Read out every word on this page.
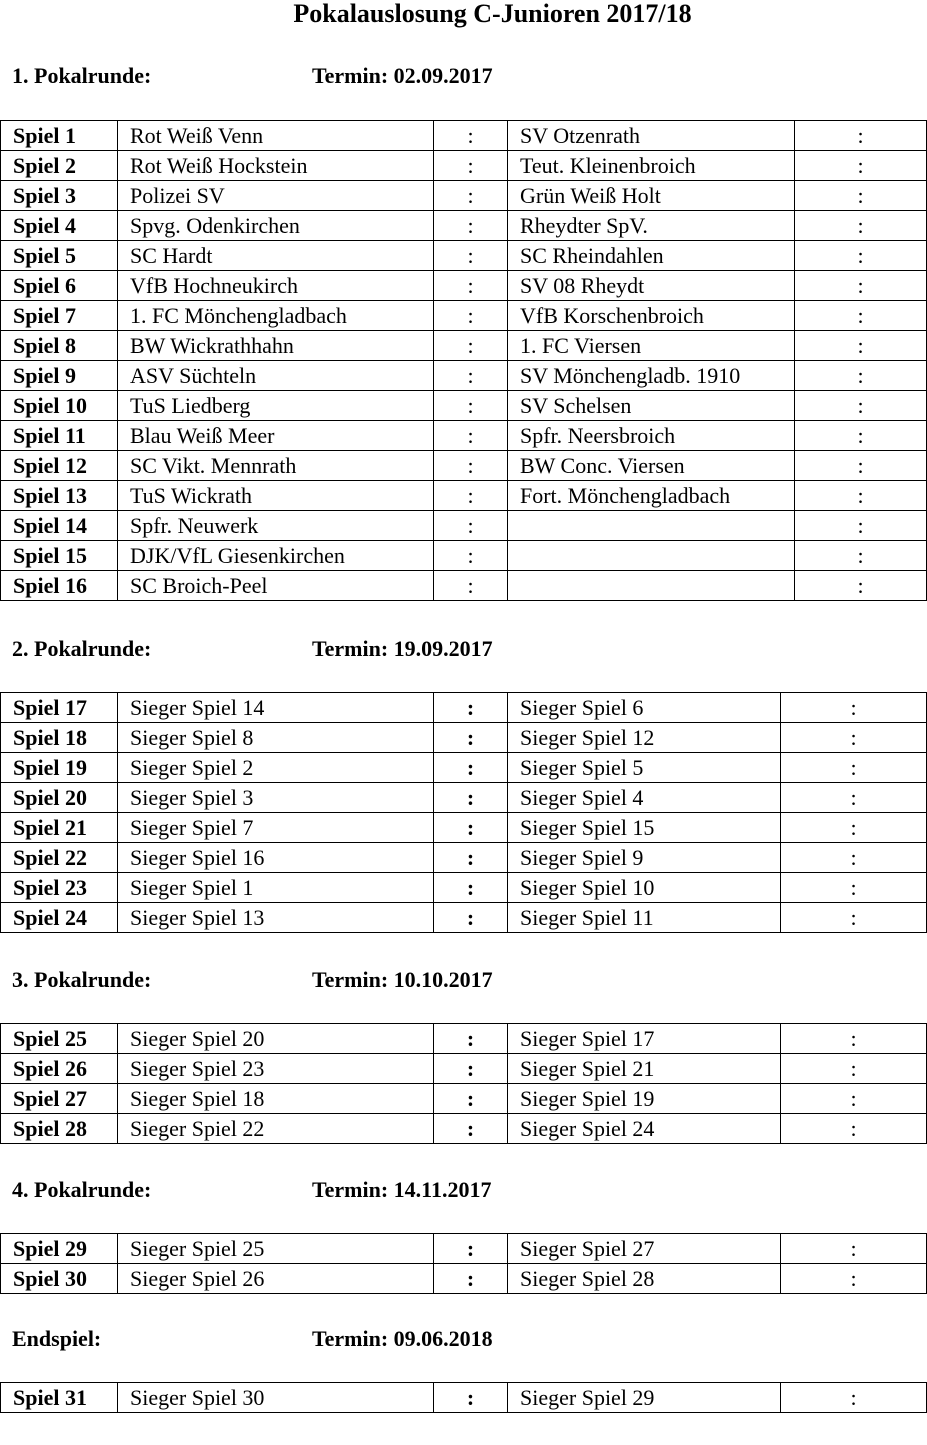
Pokalauslosung C-Junioren 2017/18
1. Pokalrunde:	Termin: 02.09.2017
Spiel 1	Rot Weiß Venn	:	SV Otzenrath	:
Spiel 2	Rot Weiß Hockstein	:	Teut. Kleinenbroich	:
Spiel 3	Polizei SV	:	Grün Weiß Holt	:
Spiel 4	Spvg. Odenkirchen	:	Rheydter SpV.	:
Spiel 5	SC Hardt	:	SC Rheindahlen	:
Spiel 6	VfB Hochneukirch	:	SV 08 Rheydt	:
Spiel 7	1. FC Mönchengladbach	:	VfB Korschenbroich	:
Spiel 8	BW Wickrathhahn	:	1. FC Viersen	:
Spiel 9	ASV Süchteln	:	SV Mönchengladb. 1910	:
Spiel 10	TuS Liedberg	:	SV Schelsen	:
Spiel 11	Blau Weiß Meer	:	Spfr. Neersbroich	:
Spiel 12	SC Vikt. Mennrath	:	BW Conc. Viersen	:
Spiel 13	TuS Wickrath	:	Fort. Mönchengladbach	:
Spiel 14	Spfr. Neuwerk	:		:
Spiel 15	DJK/VfL Giesenkirchen	:		:
Spiel 16	SC Broich-Peel	:		:
2. Pokalrunde:	Termin: 19.09.2017
Spiel 17	Sieger Spiel 14	:	Sieger Spiel 6	:
Spiel 18	Sieger Spiel 8	:	Sieger Spiel 12	:
Spiel 19	Sieger Spiel 2	:	Sieger Spiel 5	:
Spiel 20	Sieger Spiel 3	:	Sieger Spiel 4	:
Spiel 21	Sieger Spiel 7	:	Sieger Spiel 15	:
Spiel 22	Sieger Spiel 16	:	Sieger Spiel 9	:
Spiel 23	Sieger Spiel 1	:	Sieger Spiel 10	:
Spiel 24	Sieger Spiel 13	:	Sieger Spiel 11	:
3. Pokalrunde:	Termin: 10.10.2017
Spiel 25	Sieger Spiel 20	:	Sieger Spiel 17	:
Spiel 26	Sieger Spiel 23	:	Sieger Spiel 21	:
Spiel 27	Sieger Spiel 18	:	Sieger Spiel 19	:
Spiel 28	Sieger Spiel 22	:	Sieger Spiel 24	:
4. Pokalrunde:	Termin: 14.11.2017
Spiel 29	Sieger Spiel 25	:	Sieger Spiel 27	:
Spiel 30	Sieger Spiel 26	:	Sieger Spiel 28	:
Endspiel:	Termin: 09.06.2018
Spiel 31	Sieger Spiel 30	:	Sieger Spiel 29	:
